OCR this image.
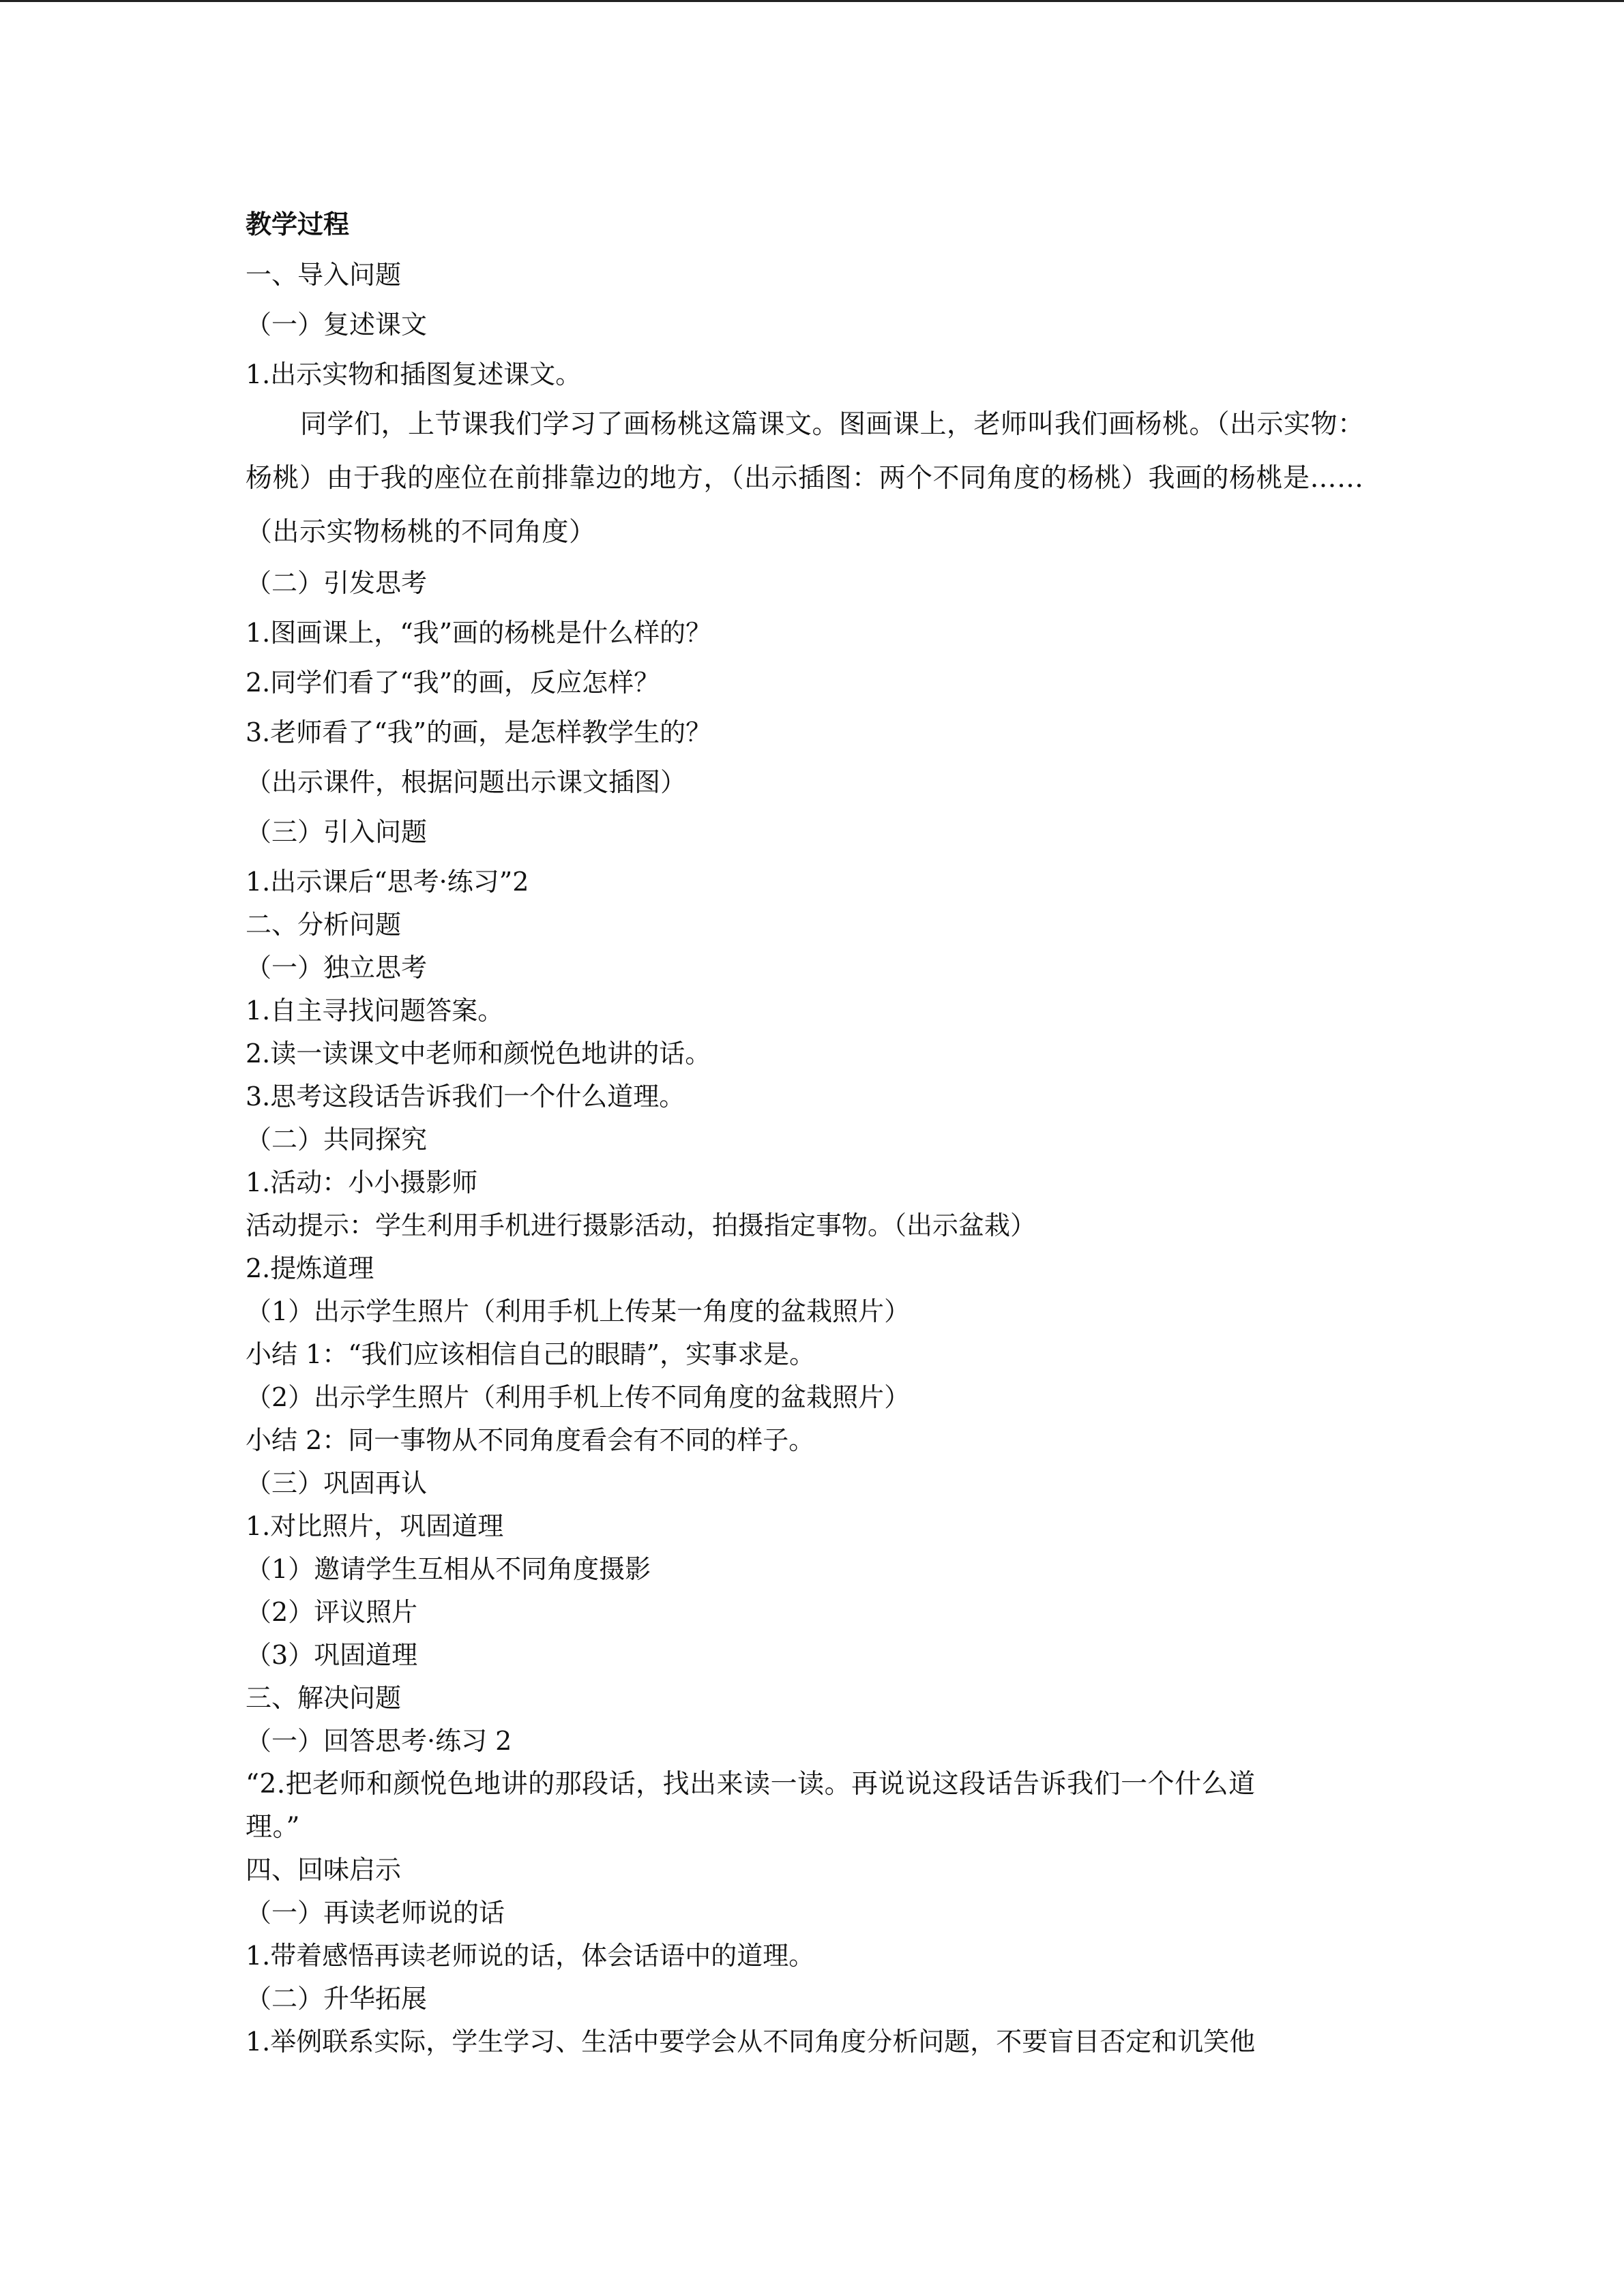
教学过程
一、导入问题
（一）复述课文
1.出示实物和插图复述课文。
同学们，上节课我们学习了画杨桃这篇课文。图画课上，老师叫我们画杨桃。（出示实物：杨桃）由于我的座位在前排靠边的地方，（出示插图：两个不同角度的杨桃）我画的杨桃是……（出示实物杨桃的不同角度）
（二）引发思考
1.图画课上，“我”画的杨桃是什么样的？
2.同学们看了“我”的画，反应怎样？
3.老师看了“我”的画，是怎样教学生的？
（出示课件，根据问题出示课文插图）
（三）引入问题
1.出示课后“思考·练习”2
二、分析问题
（一）独立思考
1.自主寻找问题答案。
2.读一读课文中老师和颜悦色地讲的话。
3.思考这段话告诉我们一个什么道理。
（二）共同探究
1.活动：小小摄影师
活动提示：学生利用手机进行摄影活动，拍摄指定事物。（出示盆栽）
2.提炼道理
（1）出示学生照片（利用手机上传某一角度的盆栽照片）
小结 1：“我们应该相信自己的眼睛”，实事求是。
（2）出示学生照片（利用手机上传不同角度的盆栽照片）
小结 2：同一事物从不同角度看会有不同的样子。
（三）巩固再认
1.对比照片，巩固道理
（1）邀请学生互相从不同角度摄影
（2）评议照片
（3）巩固道理
三、解决问题
（一）回答思考·练习 2
“2.把老师和颜悦色地讲的那段话，找出来读一读。再说说这段话告诉我们一个什么道
理。”
四、回味启示
（一）再读老师说的话
1.带着感悟再读老师说的话，体会话语中的道理。
（二）升华拓展
1.举例联系实际，学生学习、生活中要学会从不同角度分析问题，不要盲目否定和讥笑他
